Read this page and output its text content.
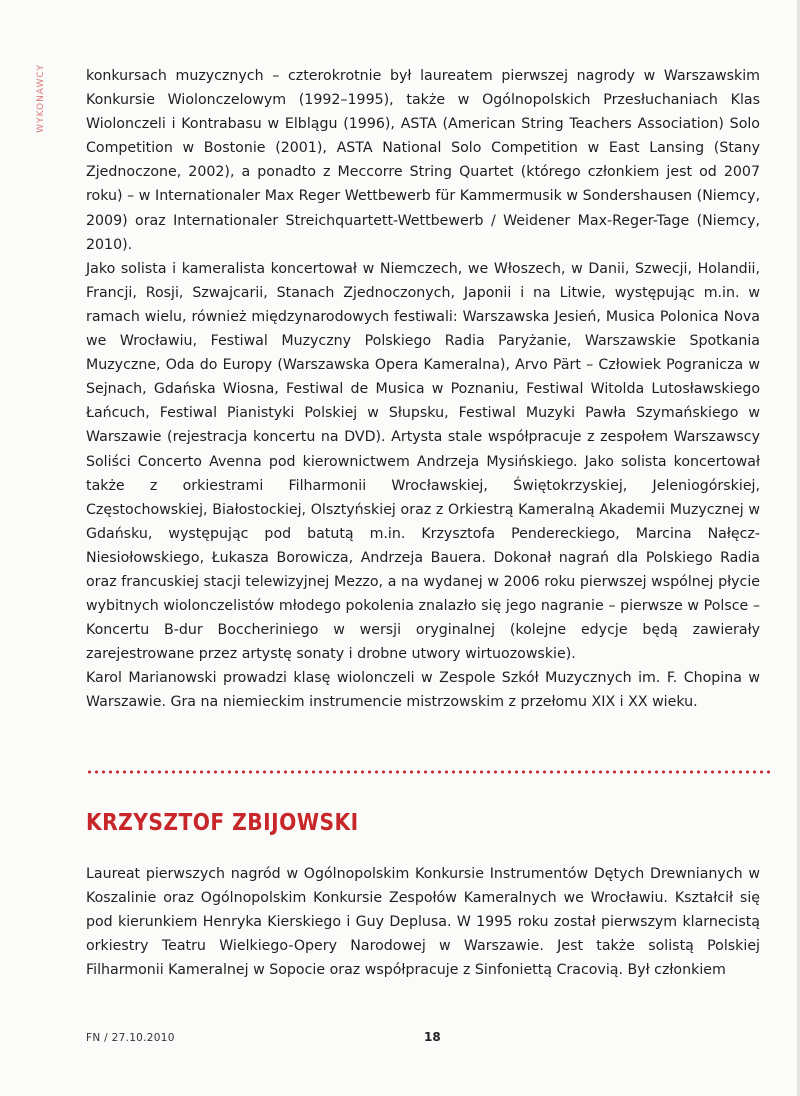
WYKONAWCY	konkursach muzycznych – czterokrotnie był laureatem pierwszej nagrody w Warszawskim Konkursie Wiolonczelowym (1992–1995), także w Ogólnopolskich Przesłuchaniach Klas Wiolonczeli i Kontrabasu w Elblągu (1996), ASTA (American String Teachers Association) Solo Competition w Bostonie (2001), ASTA National Solo Competition w East Lansing (Stany Zjednoczone, 2002), a ponadto z Meccorre String Quartet (którego członkiem jest od 2007 roku) – w Internationaler Max Reger Wettbewerb für Kammermusik w Sondershausen (Niemcy, 2009) oraz Internationaler Streichquartett-Wettbewerb / Weidener Max-Reger-Tage (Niemcy, 2010).

Jako solista i kameralista koncertował w Niemczech, we Włoszech, w Danii, Szwecji, Holandii, Francji, Rosji, Szwajcarii, Stanach Zjednoczonych, Japonii i na Litwie, występując m.in. w ramach wielu, również międzynarodowych festiwali: Warszawska Jesień, Musica Polonica Nova we Wrocławiu, Festiwal Muzyczny Polskiego Radia Paryżanie, Warszawskie Spotkania Muzyczne, Oda do Europy (Warszawska Opera Kameralna), Arvo Pärt – Człowiek Pogranicza w Sejnach, Gdańska Wiosna, Festiwal de Musica w Poznaniu, Festiwal Witolda Lutosławskiego Łańcuch, Festiwal Pianistyki Polskiej w Słupsku, Festiwal Muzyki Pawła Szymańskiego w Warszawie (rejestracja koncertu na DVD). Artysta stale współpracuje z zespołem Warszawscy Soliści Concerto Avenna pod kierownictwem Andrzeja Mysińskiego. Jako solista koncertował także z orkiestrami Filharmonii Wrocławskiej, Świętokrzyskiej, Jeleniogórskiej, Częstochowskiej, Białostockiej, Olsztyńskiej oraz z Orkiestrą Kameralną Akademii Muzycznej w Gdańsku, występując pod batutą m.in. Krzysztofa Pendereckiego, Marcina Nałęcz-Niesiołowskiego, Łukasza Borowicza, Andrzeja Bauera. Dokonał nagrań dla Polskiego Radia oraz francuskiej stacji telewizyjnej Mezzo, a na wydanej w 2006 roku pierwszej wspólnej płycie wybitnych wiolonczelistów młodego pokolenia znalazło się jego nagranie – pierwsze w Polsce – Koncertu B-dur Boccheriniego w wersji oryginalnej (kolejne edycje będą zawierały zarejestrowane przez artystę sonaty i drobne utwory wirtuozowskie).

Karol Marianowski prowadzi klasę wiolonczeli w Zespole Szkół Muzycznych im. F. Chopina w Warszawie. Gra na niemieckim instrumencie mistrzowskim z przełomu XIX i XX wieku.

KRZYSZTOF ZBIJOWSKI

Laureat pierwszych nagród w Ogólnopolskim Konkursie Instrumentów Dętych Drewnianych w Koszalinie oraz Ogólnopolskim Konkursie Zespołów Kameralnych we Wrocławiu. Kształcił się pod kierunkiem Henryka Kierskiego i Guy Deplusa. W 1995 roku został pierwszym klarnecistą orkiestry Teatru Wielkiego-Opery Narodowej w Warszawie. Jest także solistą Polskiej Filharmonii Kameralnej w Sopocie oraz współpracuje z Sinfoniettą Cracovią. Był członkiem

FN / 27.10.2010	18
